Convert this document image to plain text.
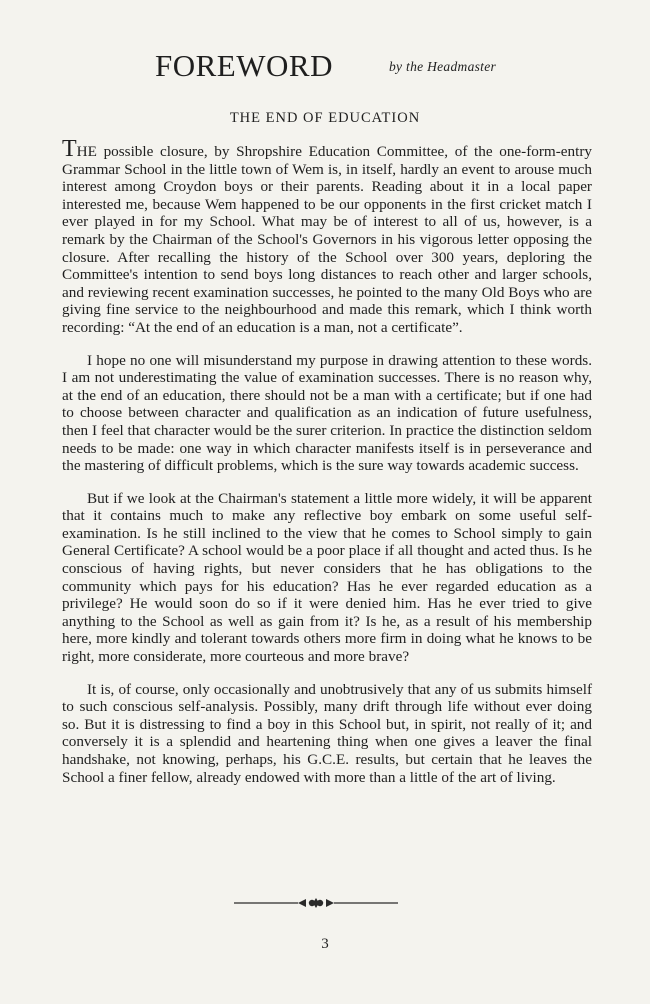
FOREWORD	by the Headmaster
THE END OF EDUCATION

THE possible closure, by Shropshire Education Committee, of the one-form-entry Grammar School in the little town of Wem is, in itself, hardly an event to arouse much interest among Croydon boys or their parents. Reading about it in a local paper interested me, because Wem happened to be our opponents in the first cricket match I ever played in for my School. What may be of interest to all of us, however, is a remark by the Chairman of the School's Governors in his vigorous letter opposing the closure. After recalling the history of the School over 300 years, deploring the Committee's intention to send boys long distances to reach other and larger schools, and reviewing recent examination successes, he pointed to the many Old Boys who are giving fine service to the neighbourhood and made this remark, which I think worth recording: “At the end of an education is a man, not a certificate”.

I hope no one will misunderstand my purpose in drawing attention to these words. I am not underestimating the value of examination successes. There is no reason why, at the end of an education, there should not be a man with a certificate; but if one had to choose between character and qualification as an indication of future usefulness, then I feel that character would be the surer criterion. In practice the distinction seldom needs to be made: one way in which character manifests itself is in perseverance and the mastering of difficult problems, which is the sure way towards academic success.

But if we look at the Chairman's statement a little more widely, it will be apparent that it contains much to make any reflective boy embark on some useful self-examination. Is he still inclined to the view that he comes to School simply to gain General Certificate? A school would be a poor place if all thought and acted thus. Is he conscious of having rights, but never considers that he has obligations to the community which pays for his education? Has he ever regarded education as a privilege? He would soon do so if it were denied him. Has he ever tried to give anything to the School as well as gain from it? Is he, as a result of his membership here, more kindly and tolerant towards others more firm in doing what he knows to be right, more considerate, more courteous and more brave?

It is, of course, only occasionally and unobtrusively that any of us submits himself to such conscious self-analysis. Possibly, many drift through life without ever doing so. But it is distressing to find a boy in this School but, in spirit, not really of it; and conversely it is a splendid and heartening thing when one gives a leaver the final handshake, not knowing, perhaps, his G.C.E. results, but certain that he leaves the School a finer fellow, already endowed with more than a little of the art of living.

3
